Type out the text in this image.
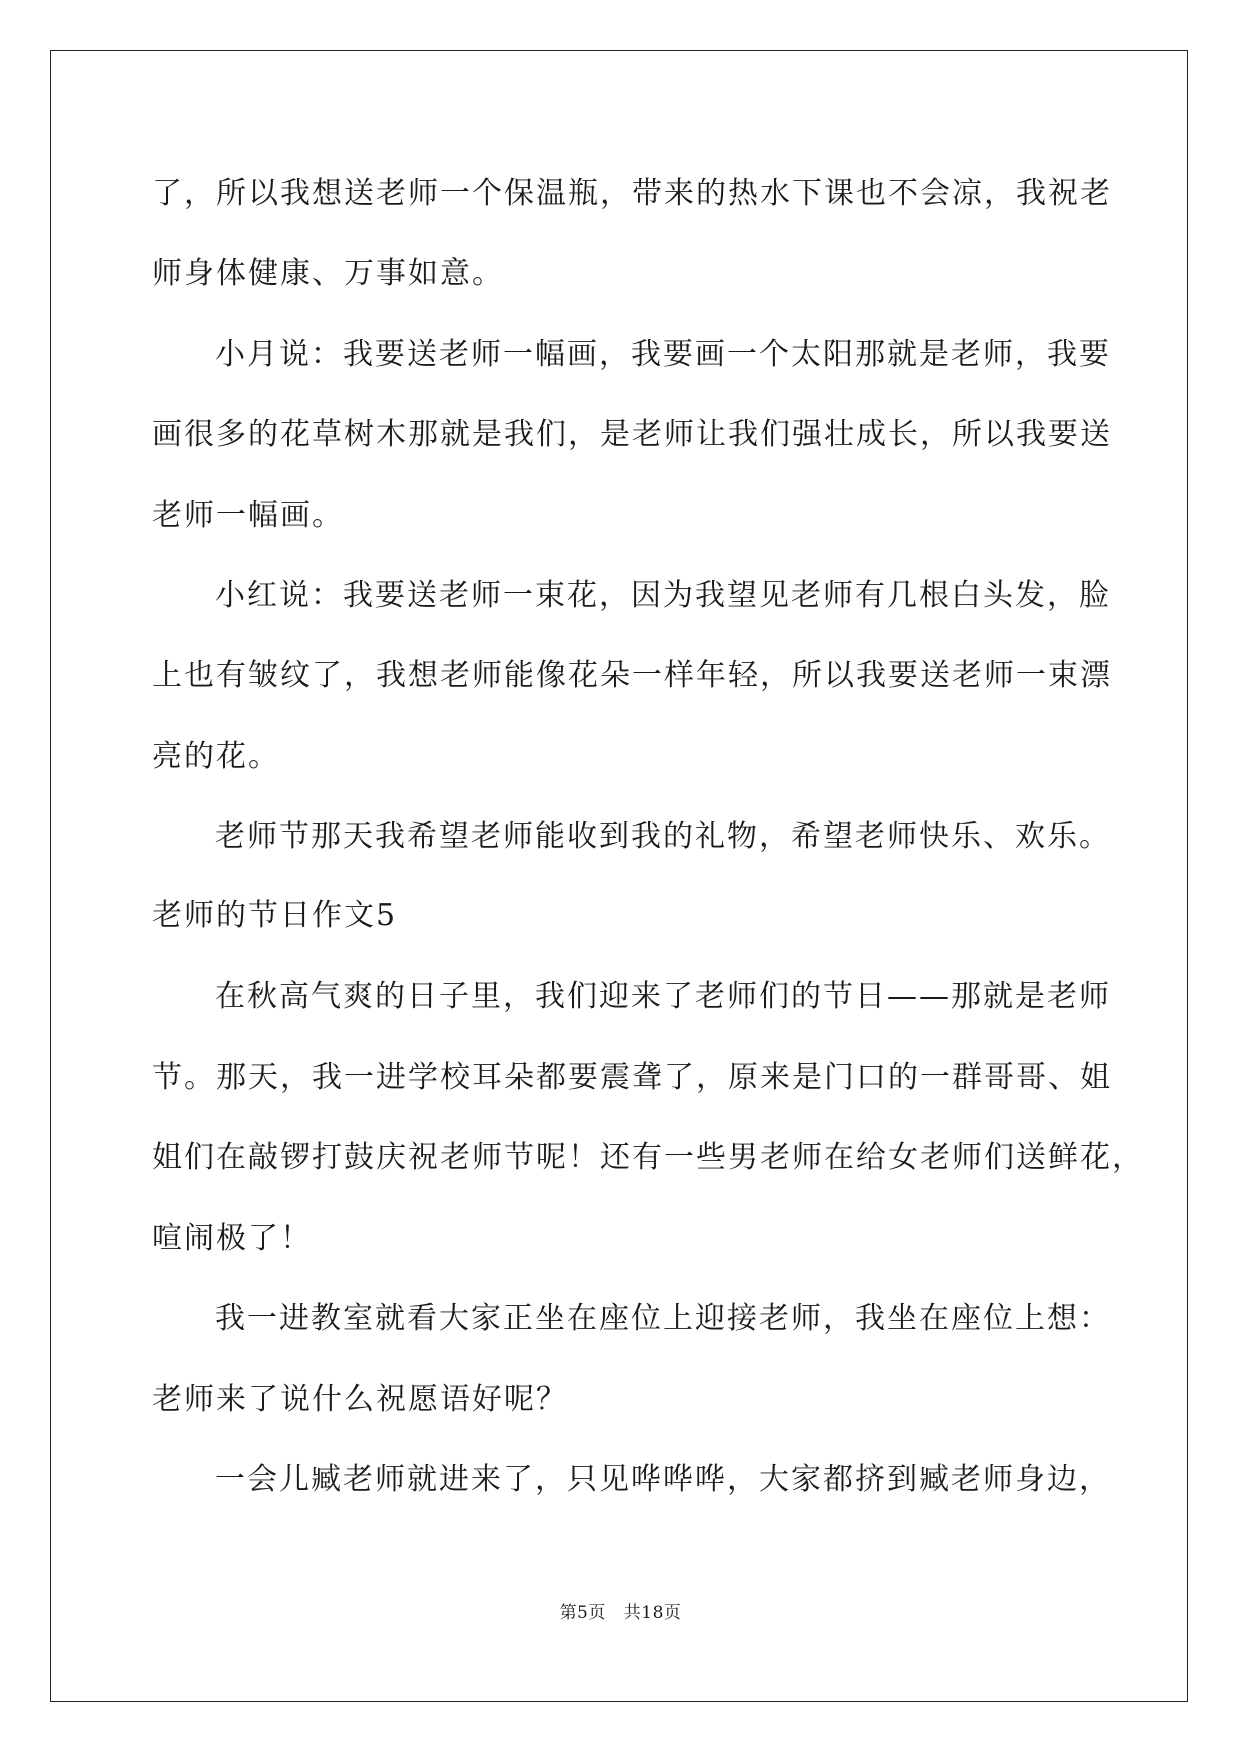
了，所以我想送老师一个保温瓶，带来的热水下课也不会凉，我祝老
师身体健康、万事如意。
小月说：我要送老师一幅画，我要画一个太阳那就是老师，我要
画很多的花草树木那就是我们，是老师让我们强壮成长，所以我要送
老师一幅画。
小红说：我要送老师一束花，因为我望见老师有几根白头发，脸
上也有皱纹了，我想老师能像花朵一样年轻，所以我要送老师一束漂
亮的花。
老师节那天我希望老师能收到我的礼物，希望老师快乐、欢乐。
老师的节日作文5
在秋高气爽的日子里，我们迎来了老师们的节日——那就是老师
节。那天，我一进学校耳朵都要震聋了，原来是门口的一群哥哥、姐
姐们在敲锣打鼓庆祝老师节呢！还有一些男老师在给女老师们送鲜花，
喧闹极了！
我一进教室就看大家正坐在座位上迎接老师，我坐在座位上想：
老师来了说什么祝愿语好呢？
一会儿臧老师就进来了，只见哗哗哗，大家都挤到臧老师身边，
第5页 共18页
